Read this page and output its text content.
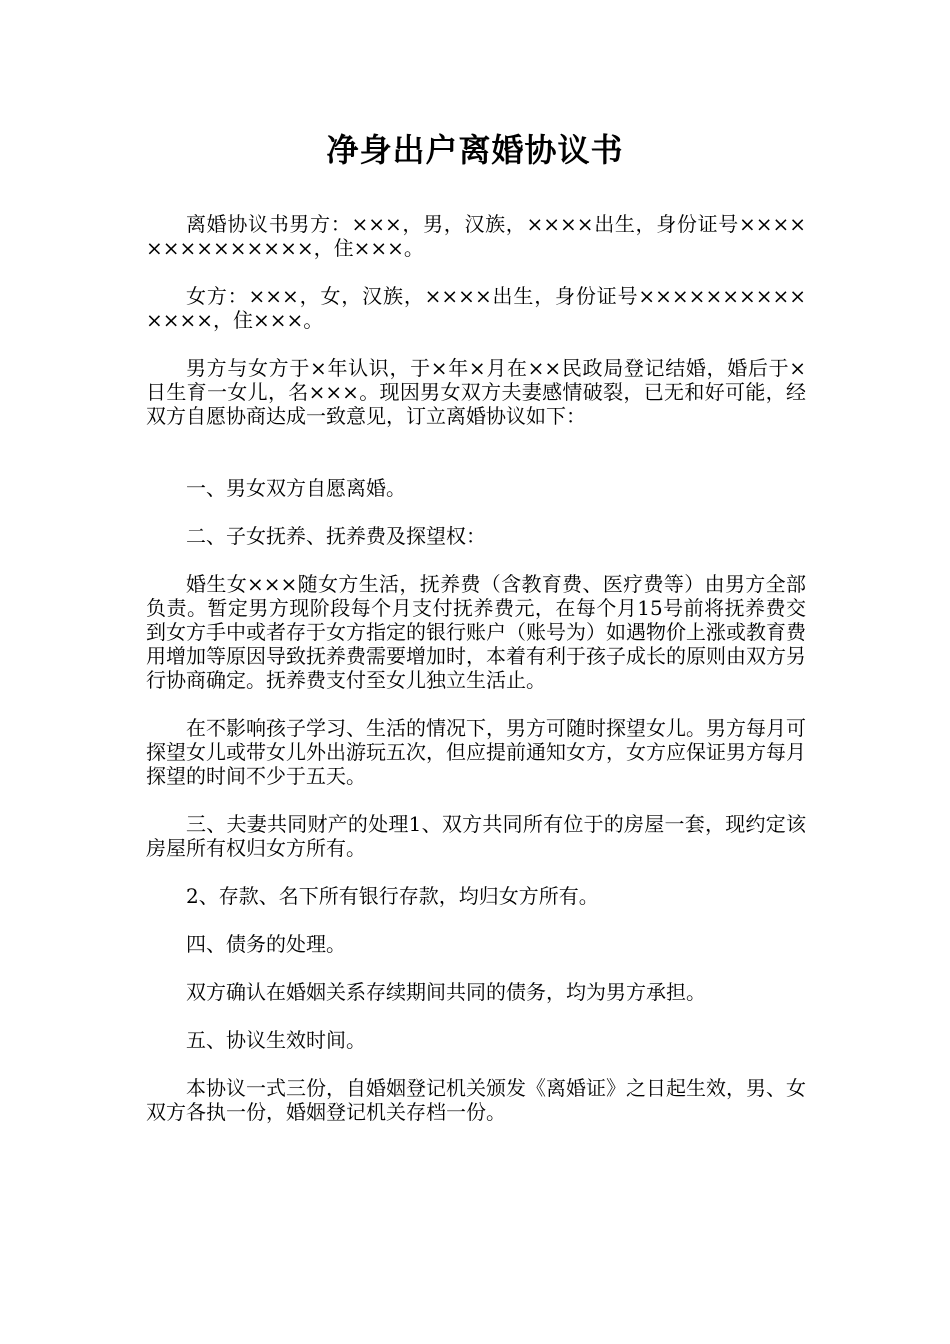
净身出户离婚协议书

离婚协议书男方：×××，男，汉族，××××出生，身份证号××××××××××××××，住×××。

女方：×××，女，汉族，××××出生，身份证号××××××××××××××，住×××。

男方与女方于×年认识，于×年×月在××民政局登记结婚，婚后于×日生育一女儿，名×××。现因男女双方夫妻感情破裂，已无和好可能，经双方自愿协商达成一致意见，订立离婚协议如下：

一、男女双方自愿离婚。

二、子女抚养、抚养费及探望权：

婚生女×××随女方生活，抚养费（含教育费、医疗费等）由男方全部负责。暂定男方现阶段每个月支付抚养费元，在每个月15号前将抚养费交到女方手中或者存于女方指定的银行账户（账号为）如遇物价上涨或教育费用增加等原因导致抚养费需要增加时，本着有利于孩子成长的原则由双方另行协商确定。抚养费支付至女儿独立生活止。

在不影响孩子学习、生活的情况下，男方可随时探望女儿。男方每月可探望女儿或带女儿外出游玩五次，但应提前通知女方，女方应保证男方每月探望的时间不少于五天。

三、夫妻共同财产的处理1、双方共同所有位于的房屋一套，现约定该房屋所有权归女方所有。

2、存款、名下所有银行存款，均归女方所有。

四、债务的处理。

双方确认在婚姻关系存续期间共同的债务，均为男方承担。

五、协议生效时间。

本协议一式三份，自婚姻登记机关颁发《离婚证》之日起生效，男、女双方各执一份，婚姻登记机关存档一份。
